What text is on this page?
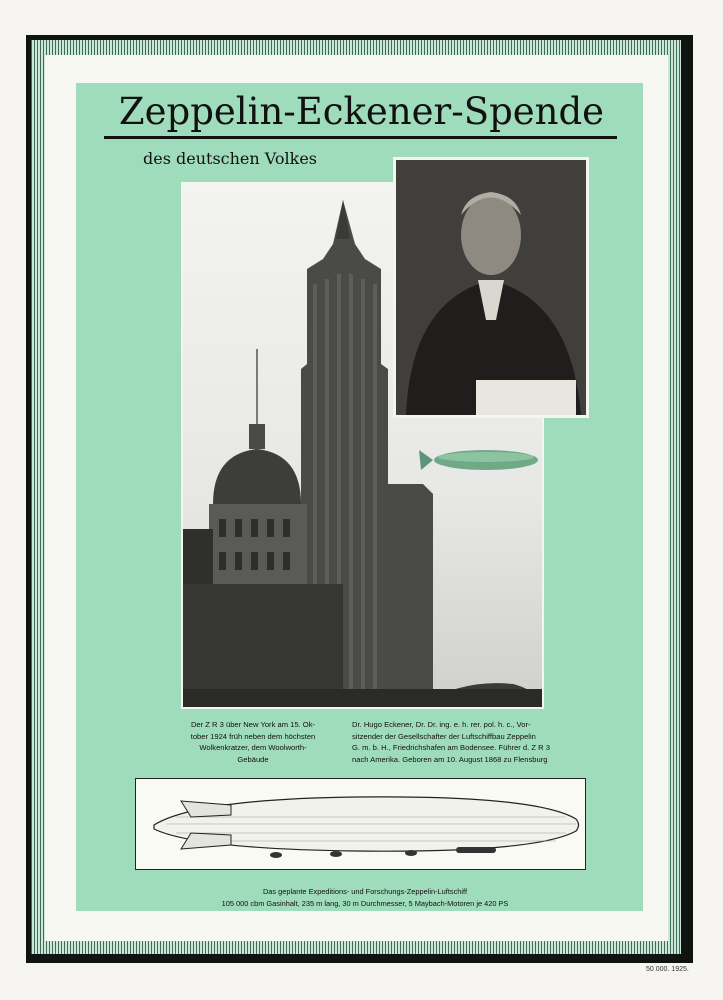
Zeppelin-Eckener-Spende
des deutschen Volkes
Der Z R 3 über New York am 15. Ok-
tober 1924 früh neben dem höchsten
Wolkenkratzer, dem Woolworth-
Gebäude
Dr. Hugo Eckener, Dr. Dr. ing. e. h. rer. pol. h. c., Vor-
sitzender der Gesellschafter der Luftschiffbau Zeppelin
G. m. b. H., Friedrichshafen am Bodensee. Führer d. Z R 3
nach Amerika. Geboren am 10. August 1868 zu Flensburg
Das geplante Expeditions- und Forschungs-Zeppelin-Luftschiff
105 000 cbm Gasinhalt, 235 m lang, 30 m Durchmesser, 5 Maybach-Motoren je 420 PS
50 000. 1925.
